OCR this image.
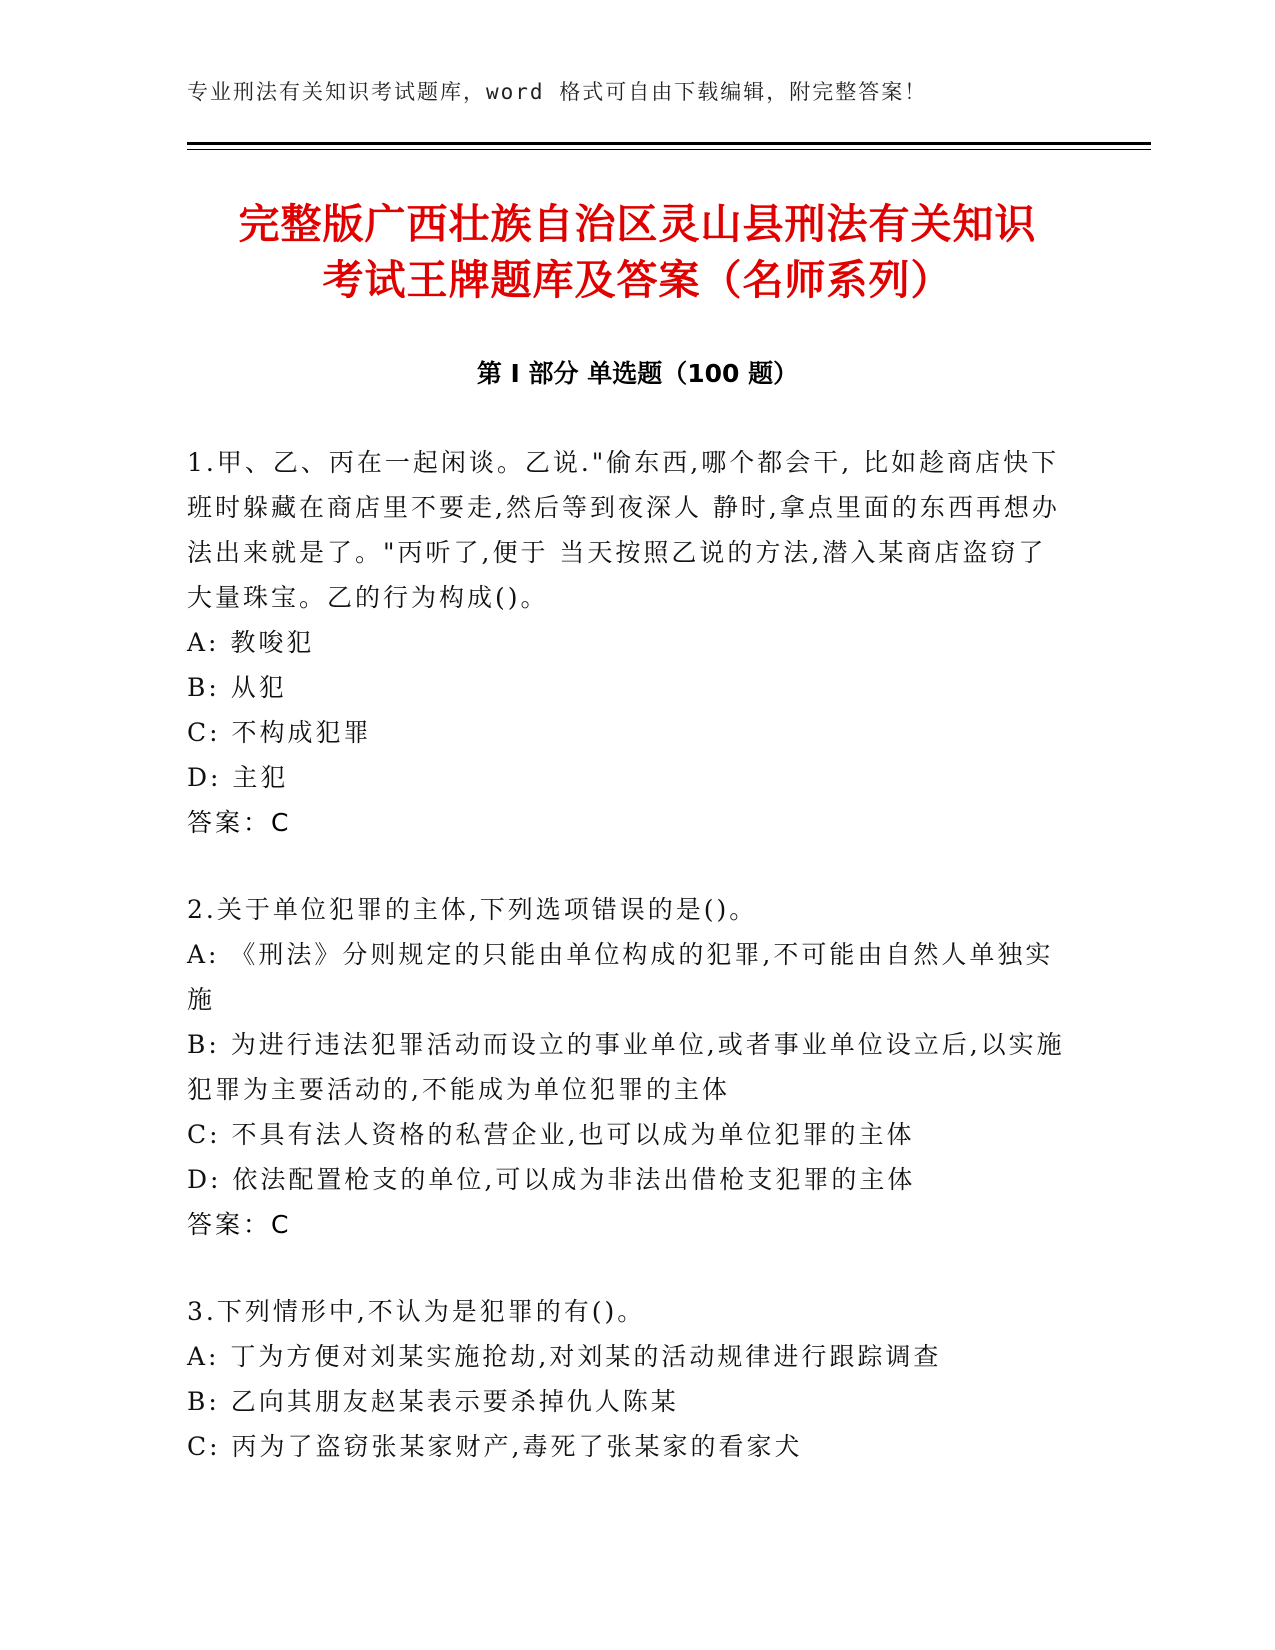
专业刑法有关知识考试题库，word 格式可自由下载编辑，附完整答案！
完整版广西壮族自治区灵山县刑法有关知识
考试王牌题库及答案（名师系列）
第 I 部分 单选题（100 题）
1.甲、乙、丙在一起闲谈。乙说."偷东西,哪个都会干, 比如趁商店快下班时躲藏在商店里不要走,然后等到夜深人 静时,拿点里面的东西再想办法出来就是了。"丙听了,便于 当天按照乙说的方法,潜入某商店盗窃了大量珠宝。乙的行为构成()。
A: 教唆犯
B: 从犯
C: 不构成犯罪
D: 主犯
答案：C
2.关于单位犯罪的主体,下列选项错误的是()。
A: 《刑法》分则规定的只能由单位构成的犯罪,不可能由自然人单独实施
B: 为进行违法犯罪活动而设立的事业单位,或者事业单位设立后,以实施犯罪为主要活动的,不能成为单位犯罪的主体
C: 不具有法人资格的私营企业,也可以成为单位犯罪的主体
D: 依法配置枪支的单位,可以成为非法出借枪支犯罪的主体
答案：C
3.下列情形中,不认为是犯罪的有()。
A: 丁为方便对刘某实施抢劫,对刘某的活动规律进行跟踪调查
B: 乙向其朋友赵某表示要杀掉仇人陈某
C: 丙为了盗窃张某家财产,毒死了张某家的看家犬
